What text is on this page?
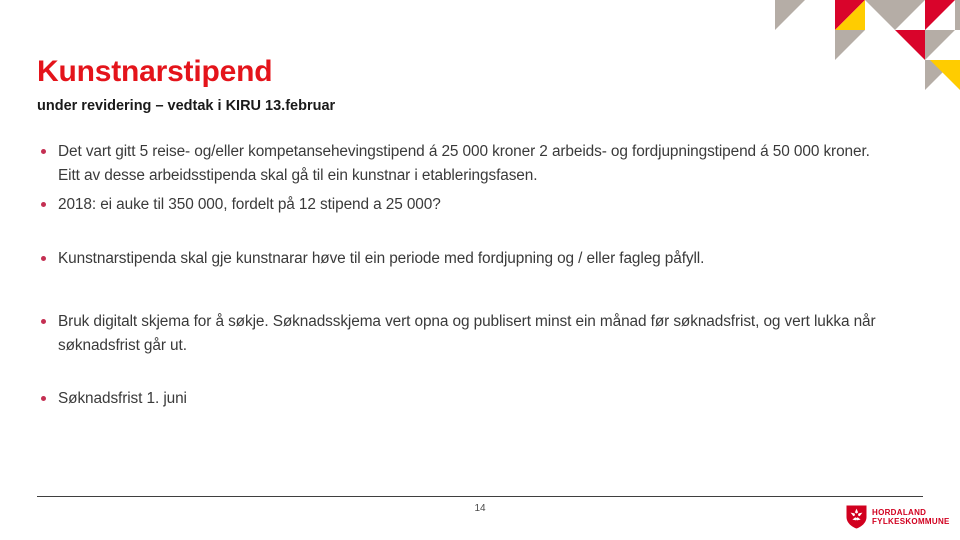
Kunstnarstipend

under revidering – vedtak i KIRU 13.februar

Det vart gitt 5 reise- og/eller kompetansehevingstipend á 25 000 kroner 2 arbeids- og fordjupningstipend á 50 000 kroner. Eitt av desse arbeidsstipenda skal gå til ein kunstnar i etableringsfasen.
2018: ei auke til 350 000, fordelt på 12 stipend a 25 000?
Kunstnarstipenda skal gje kunstnarar høve til ein periode med fordjupning og / eller fagleg påfyll.
Bruk digitalt skjema for å søkje. Søknadsskjema vert opna og publisert minst ein månad før søknadsfrist, og vert lukka når søknadsfrist går ut.
Søknadsfrist 1. juni
14	HORDALAND
FYLKESKOMMUNE
